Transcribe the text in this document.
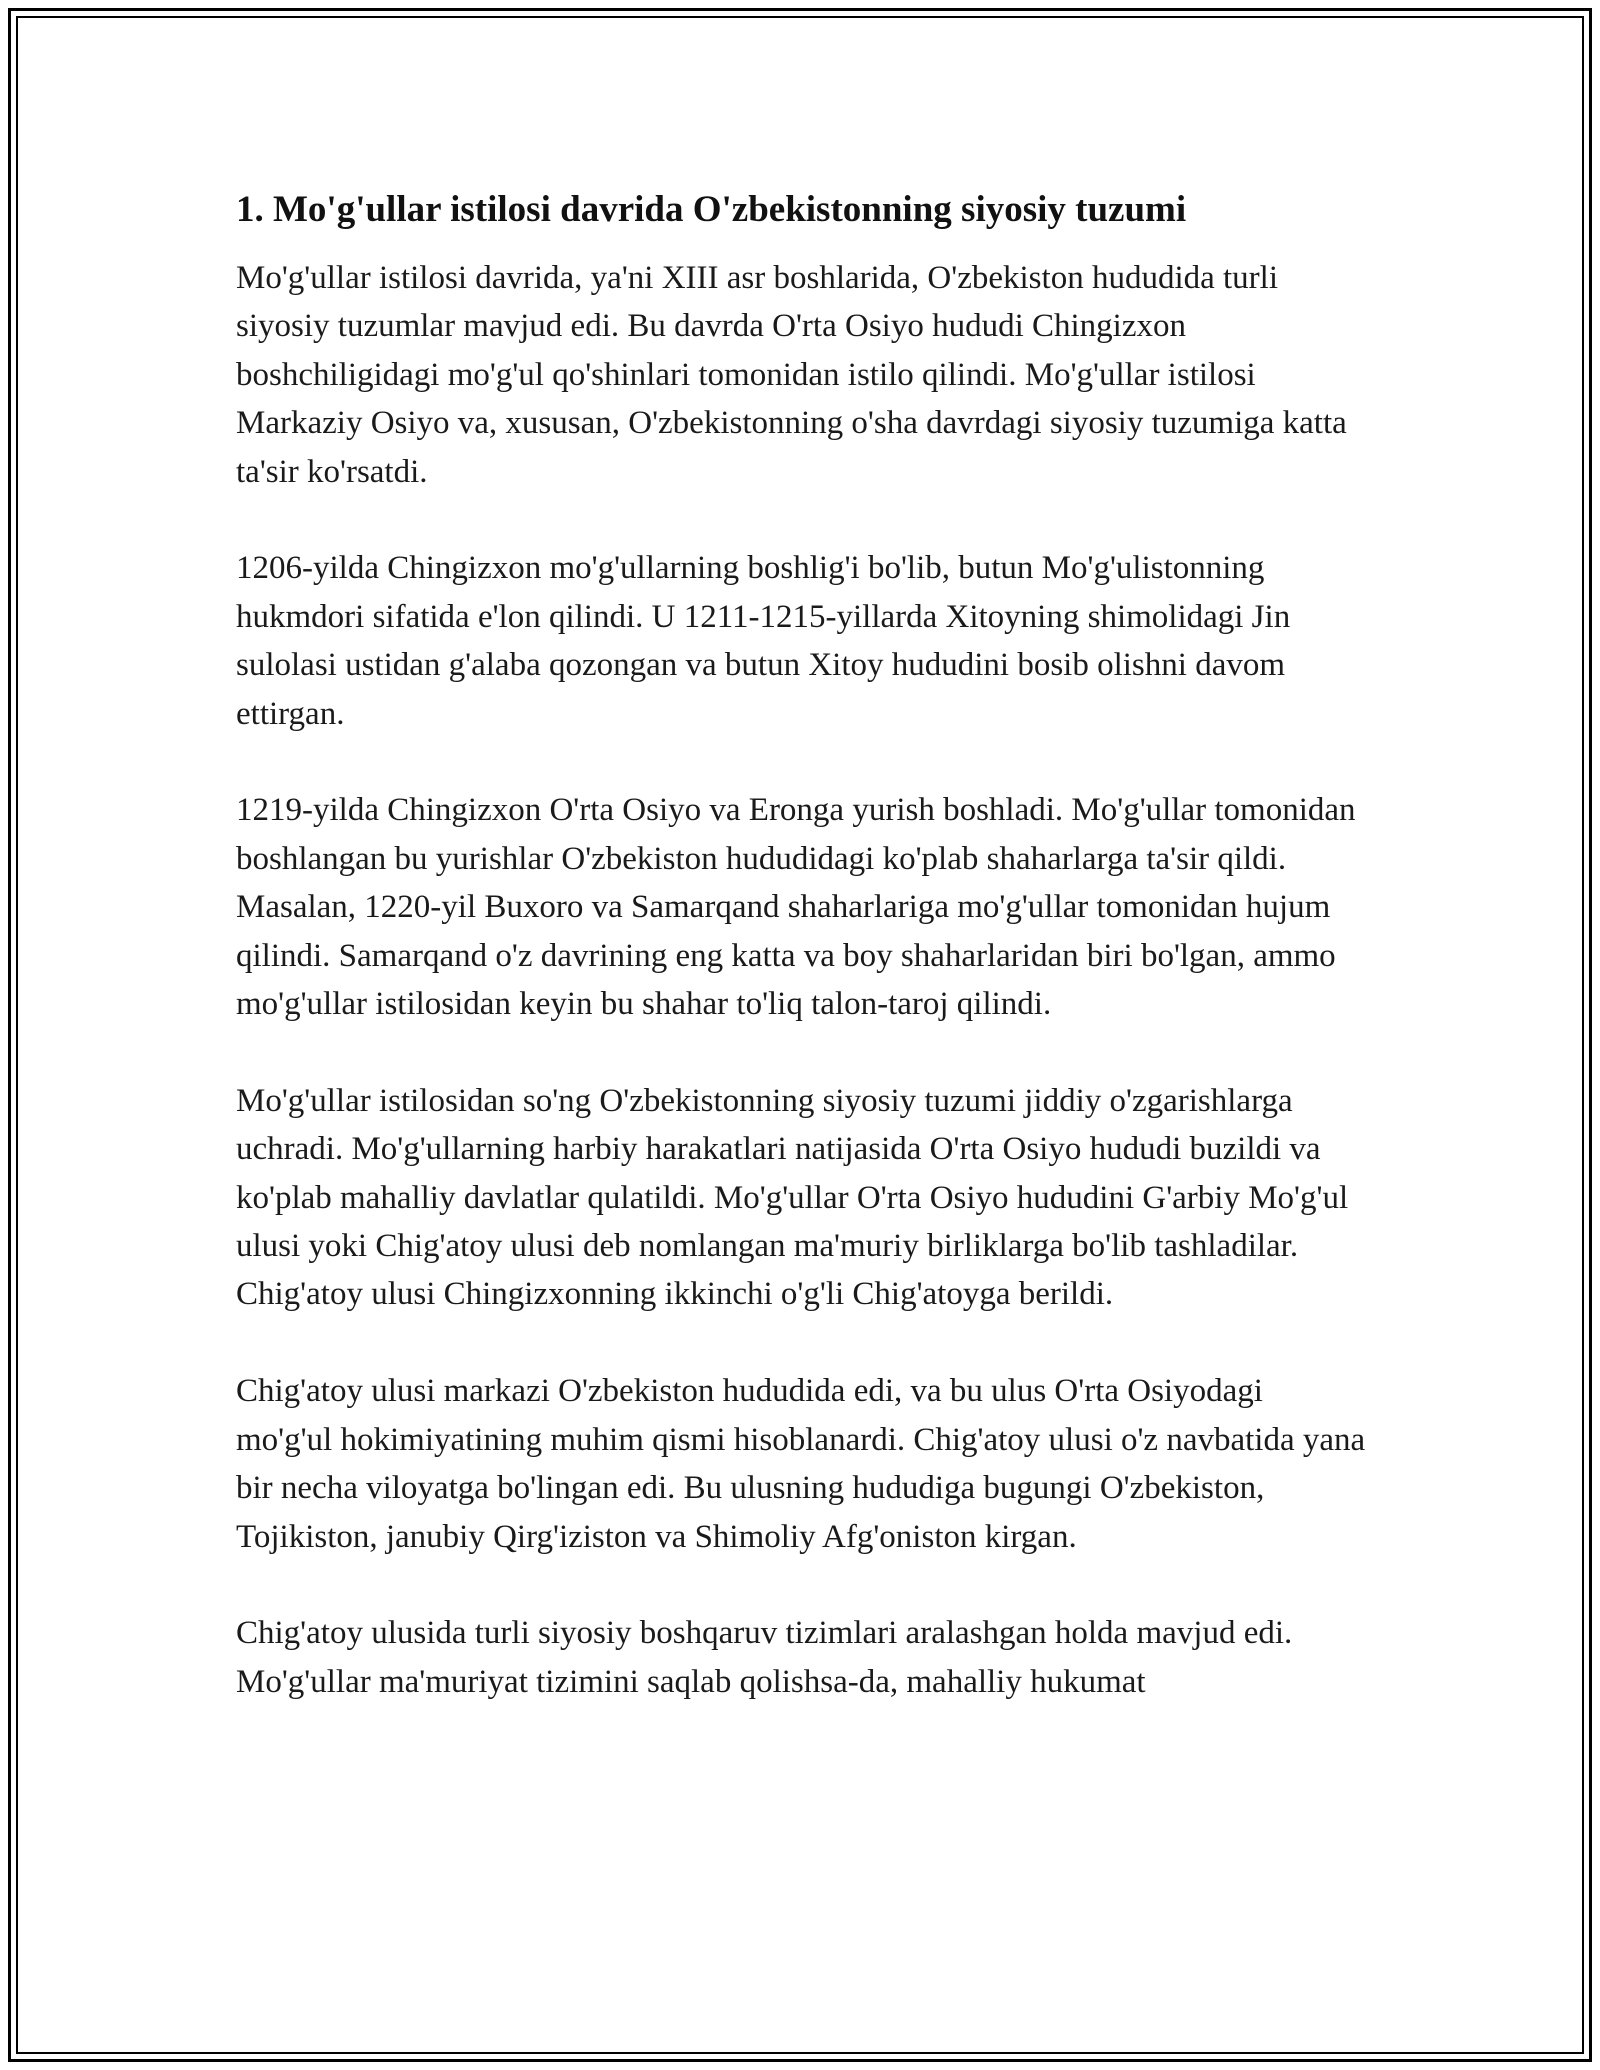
1. Mo'g'ullar istilosi davrida O'zbekistonning siyosiy tuzumi

Mo'g'ullar istilosi davrida, ya'ni XIII asr boshlarida, O'zbekiston hududida turli siyosiy tuzumlar mavjud edi. Bu davrda O'rta Osiyo hududi Chingizxon boshchiligidagi mo'g'ul qo'shinlari tomonidan istilo qilindi. Mo'g'ullar istilosi Markaziy Osiyo va, xususan, O'zbekistonning o'sha davrdagi siyosiy tuzumiga katta ta'sir ko'rsatdi.

1206-yilda Chingizxon mo'g'ullarning boshlig'i bo'lib, butun Mo'g'ulistonning hukmdori sifatida e'lon qilindi. U 1211-1215-yillarda Xitoyning shimolidagi Jin sulolasi ustidan g'alaba qozongan va butun Xitoy hududini bosib olishni davom ettirgan.

1219-yilda Chingizxon O'rta Osiyo va Eronga yurish boshladi. Mo'g'ullar tomonidan boshlangan bu yurishlar O'zbekiston hududidagi ko'plab shaharlarga ta'sir qildi. Masalan, 1220-yil Buxoro va Samarqand shaharlariga mo'g'ullar tomonidan hujum qilindi. Samarqand o'z davrining eng katta va boy shaharlaridan biri bo'lgan, ammo mo'g'ullar istilosidan keyin bu shahar to'liq talon-taroj qilindi.

Mo'g'ullar istilosidan so'ng O'zbekistonning siyosiy tuzumi jiddiy o'zgarishlarga uchradi. Mo'g'ullarning harbiy harakatlari natijasida O'rta Osiyo hududi buzildi va ko'plab mahalliy davlatlar qulatildi. Mo'g'ullar O'rta Osiyo hududini G'arbiy Mo'g'ul ulusi yoki Chig'atoy ulusi deb nomlangan ma'muriy birliklarga bo'lib tashladilar. Chig'atoy ulusi Chingizxonning ikkinchi o'g'li Chig'atoyga berildi.

Chig'atoy ulusi markazi O'zbekiston hududida edi, va bu ulus O'rta Osiyodagi mo'g'ul hokimiyatining muhim qismi hisoblanardi. Chig'atoy ulusi o'z navbatida yana bir necha viloyatga bo'lingan edi. Bu ulusning hududiga bugungi O'zbekiston, Tojikiston, janubiy Qirg'iziston va Shimoliy Afg'oniston kirgan.

Chig'atoy ulusida turli siyosiy boshqaruv tizimlari aralashgan holda mavjud edi. Mo'g'ullar ma'muriyat tizimini saqlab qolishsa-da, mahalliy hukumat
